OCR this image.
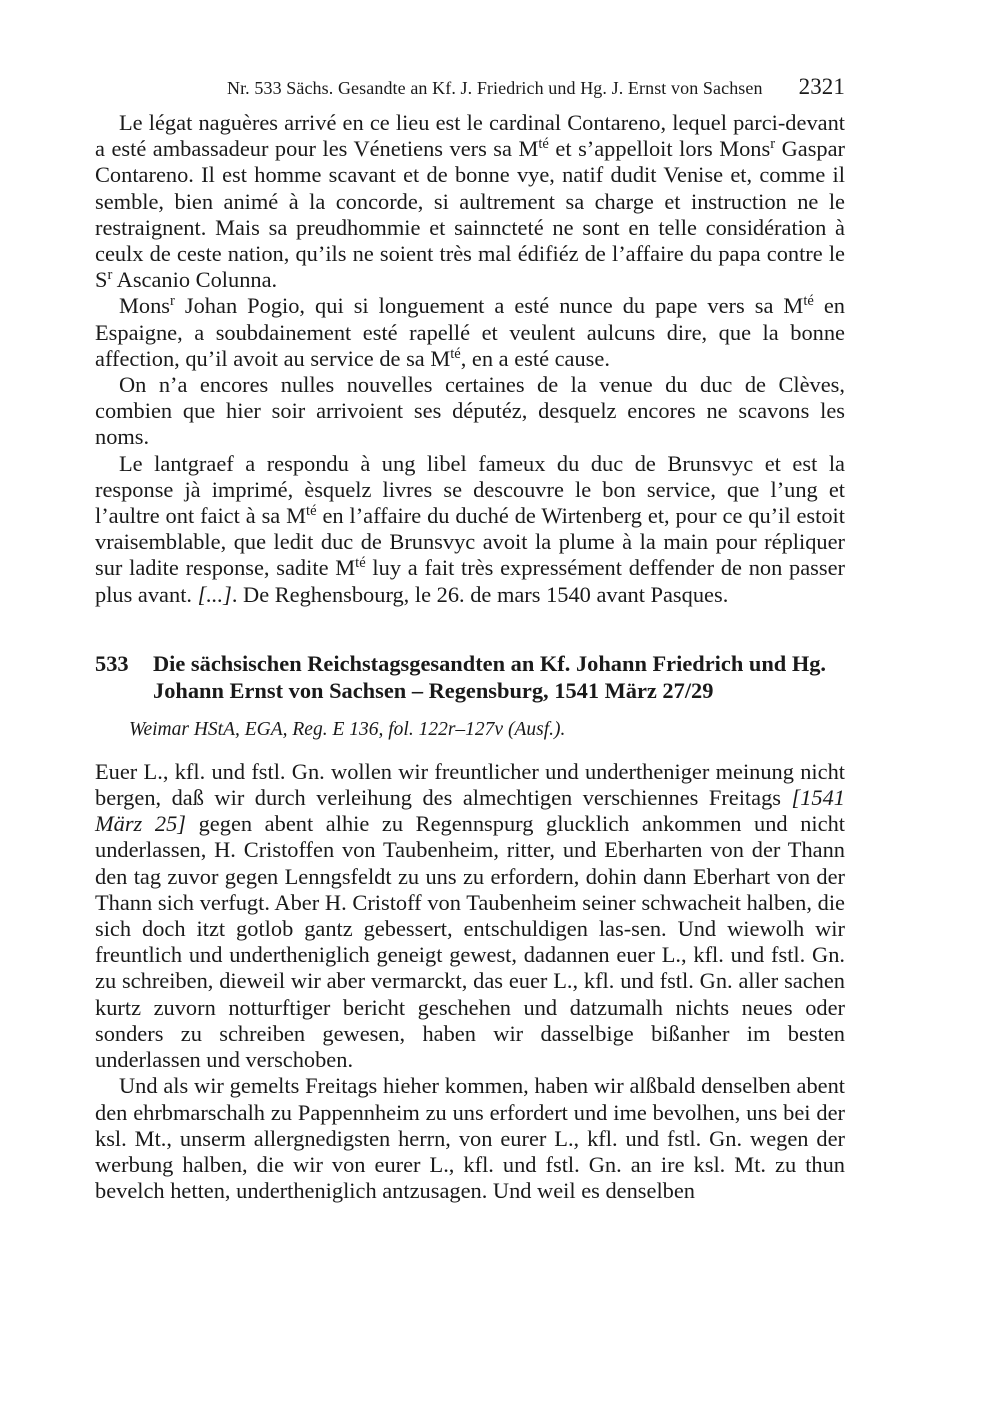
Nr. 533 Sächs. Gesandte an Kf. J. Friedrich und Hg. J. Ernst von Sachsen 2321

Le légat naguères arrivé en ce lieu est le cardinal Contareno, lequel parci-devant a esté ambassadeur pour les Vénetiens vers sa $M^{té}$ et s’appelloit lors Mons$^r$ Gaspar Contareno. Il est homme scavant et de bonne vye, natif dudit Venise et, comme il semble, bien animé à la concorde, si aultrement sa charge et instruction ne le restraignent. Mais sa preudhommie et sainncteté ne sont en telle considération à ceulx de ceste nation, qu’ils ne soient très mal édifiéz de l’affaire du papa contre le $S^r$ Ascanio Colunna.

Mons$^r$ Johan Pogio, qui si longuement a esté nunce du pape vers sa $M^{té}$ en Espaigne, a soubdainement esté rapellé et veulent aulcuns dire, que la bonne affection, qu’il avoit au service de sa $M^{té}$, en a esté cause.

On n’a encores nulles nouvelles certaines de la venue du duc de Clèves, combien que hier soir arrivoient ses députéz, desquelz encores ne scavons les noms.

Le lantgraef a respondu à ung libel fameux du duc de Brunsvyc et est la response jà imprimé, èsquelz livres se descouvre le bon service, que l’ung et l’aultre ont faict à sa $M^{té}$ en l’affaire du duché de Wirtenberg et, pour ce qu’il estoit vraisemblable, que ledit duc de Brunsvyc avoit la plume à la main pour répliquer sur ladite response, sadite $M^{té}$ luy a fait très expressément deffender de non passer plus avant. [...]. De Reghensbourg, le 26. de mars 1540 avant Pasques.

533	Die sächsischen Reichstagsgesandten an Kf. Johann Friedrich und Hg. Johann Ernst von Sachsen – Regensburg, 1541 März 27/29
Weimar HStA, EGA, Reg. E 136, fol. 122r–127v (Ausf.).

Euer L., kfl. und fstl. Gn. wollen wir freuntlicher und undertheniger meinung nicht bergen, daß wir durch verleihung des almechtigen verschiennes Freitags [1541 März 25] gegen abent alhie zu Regennspurg glucklich ankommen und nicht underlassen, H. Cristoffen von Taubenheim, ritter, und Eberharten von der Thann den tag zuvor gegen Lenngsfeldt zu uns zu erfordern, dohin dann Eberhart von der Thann sich verfugt. Aber H. Cristoff von Taubenheim seiner schwacheit halben, die sich doch itzt gotlob gantz gebessert, entschuldigen las-sen. Und wiewolh wir freuntlich und undertheniglich geneigt gewest, dadannen euer L., kfl. und fstl. Gn. zu schreiben, dieweil wir aber vermarckt, das euer L., kfl. und fstl. Gn. aller sachen kurtz zuvorn notturftiger bericht geschehen und datzumalh nichts neues oder sonders zu schreiben gewesen, haben wir dasselbige bißanher im besten underlassen und verschoben.

Und als wir gemelts Freitags hieher kommen, haben wir alßbald denselben abent den ehrbmarschalh zu Pappennheim zu uns erfordert und ime bevolhen, uns bei der ksl. Mt., unserm allergnedigsten herrn, von eurer L., kfl. und fstl. Gn. wegen der werbung halben, die wir von eurer L., kfl. und fstl. Gn. an ire ksl. Mt. zu thun bevelch hetten, undertheniglich antzusagen. Und weil es denselben
